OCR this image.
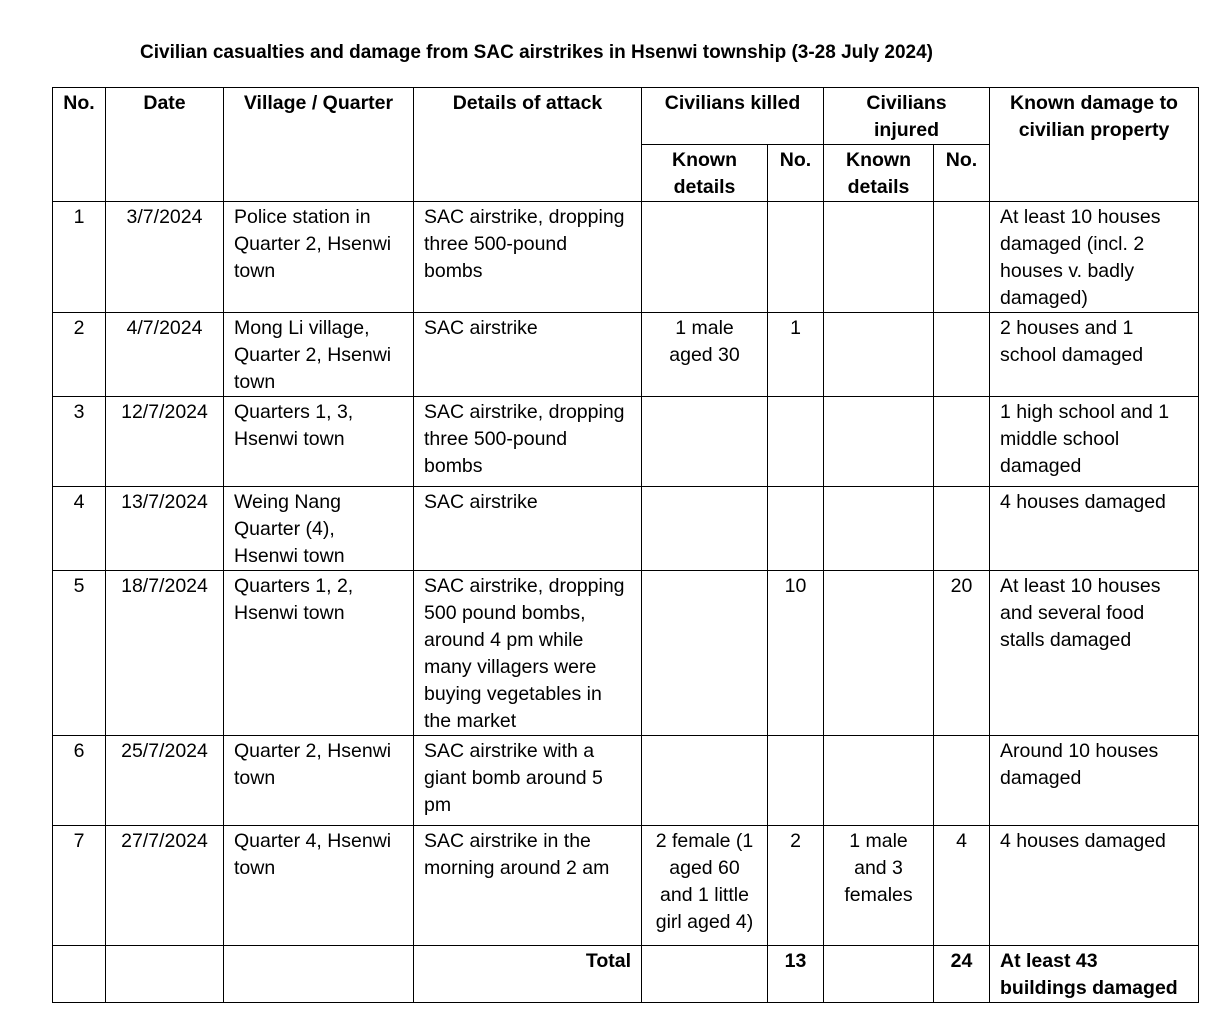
Civilian casualties and damage from SAC airstrikes in Hsenwi township (3-28 July 2024)
No.	Date	Village / Quarter	Details of attack	Civilians killed		Civilians injured		Known damage to civilian property
				Known details	No.	Known details	No.	
1	3/7/2024	Police station in Quarter 2, Hsenwi town	SAC airstrike, dropping three 500-pound bombs					At least 10 houses damaged (incl. 2 houses v. badly damaged)
2	4/7/2024	Mong Li village, Quarter 2, Hsenwi town	SAC airstrike	1 male aged 30	1			2 houses and 1 school damaged
3	12/7/2024	Quarters 1, 3, Hsenwi town	SAC airstrike, dropping three 500-pound bombs					1 high school and 1 middle school damaged
4	13/7/2024	Weing Nang Quarter (4), Hsenwi town	SAC airstrike					4 houses damaged
5	18/7/2024	Quarters 1, 2, Hsenwi town	SAC airstrike, dropping 500 pound bombs, around 4 pm while many villagers were buying vegetables in the market		10		20	At least 10 houses and several food stalls damaged
6	25/7/2024	Quarter 2, Hsenwi town	SAC airstrike with a giant bomb around 5 pm					Around 10 houses damaged
7	27/7/2024	Quarter 4, Hsenwi town	SAC airstrike in the morning around 2 am	2 female (1 aged 60 and 1 little girl aged 4)	2	1 male and 3 females	4	4 houses damaged
			Total		13		24	At least 43 buildings damaged
